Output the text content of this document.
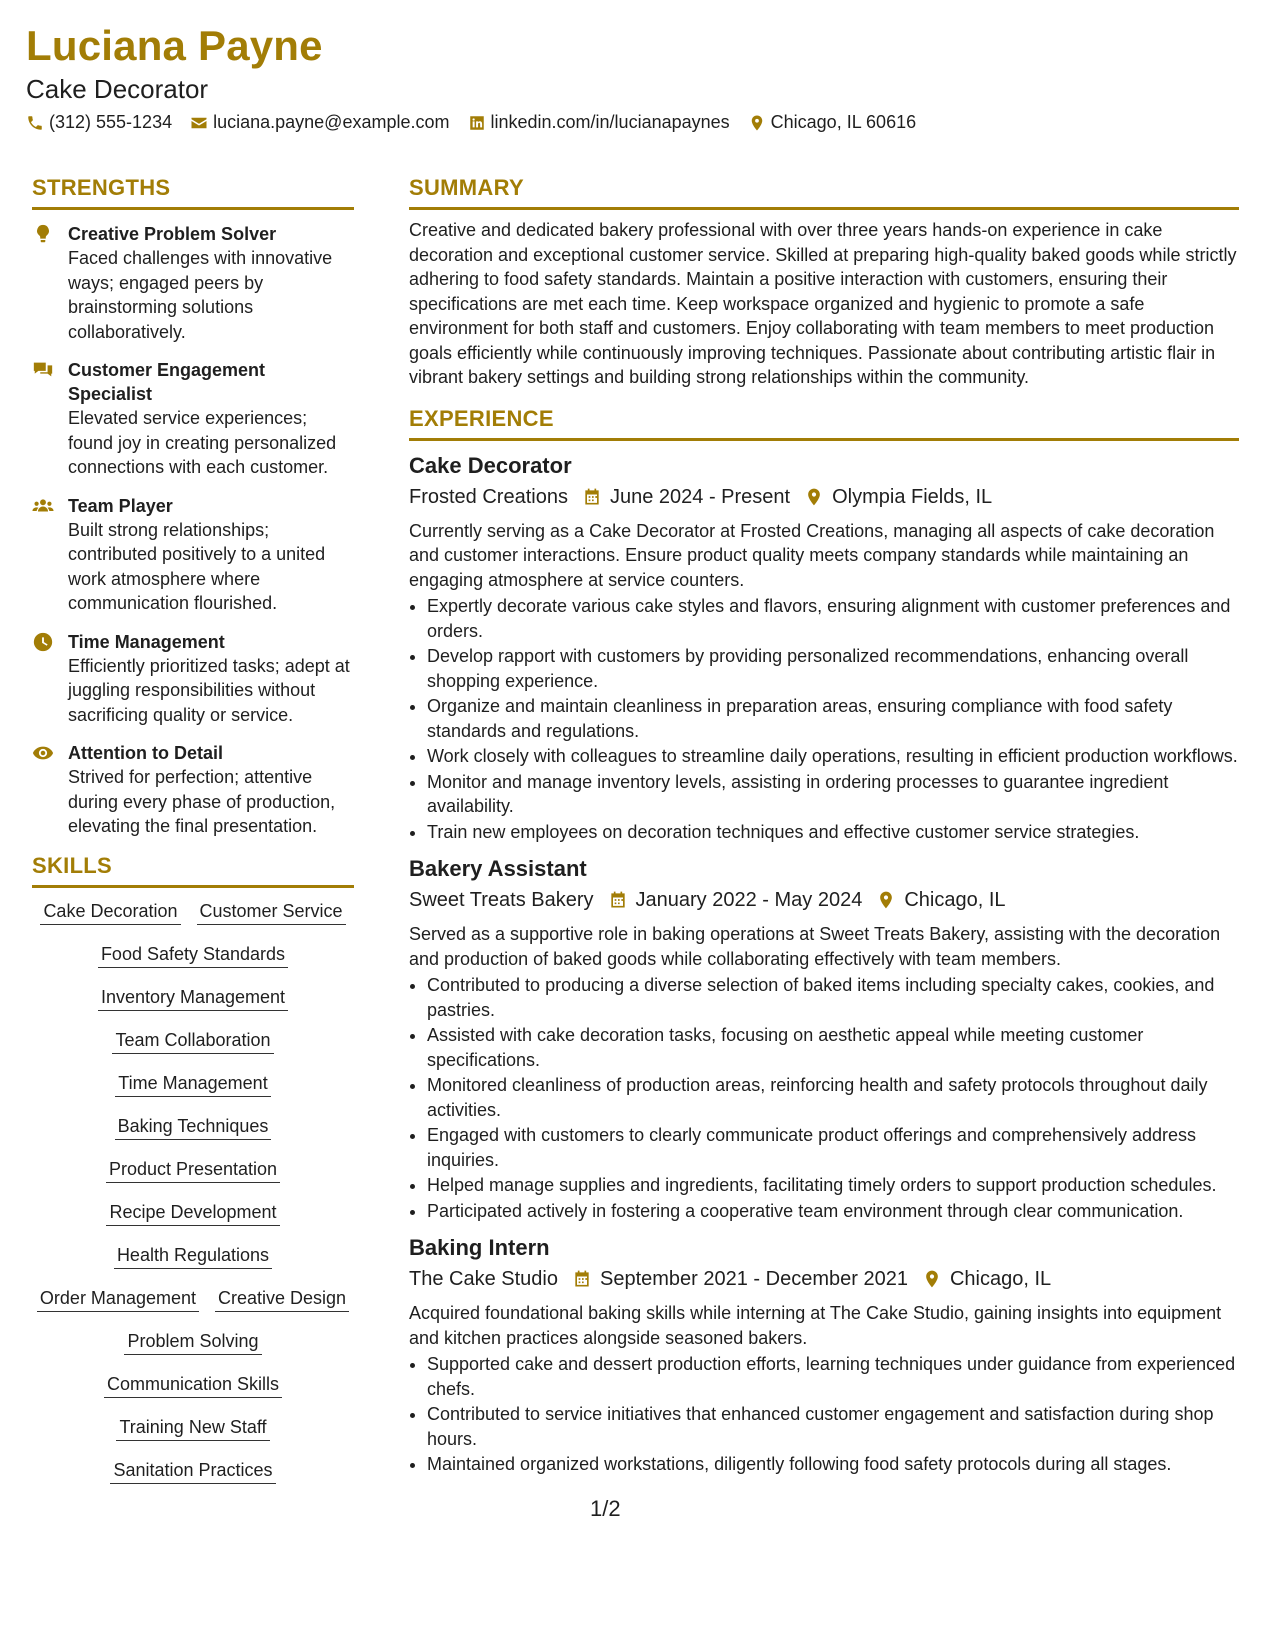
Luciana Payne
Cake Decorator
(312) 555-1234 luciana.payne@example.com linkedin.com/in/lucianapaynes Chicago, IL 60616
STRENGTHS
Creative Problem Solver
Faced challenges with innovative ways; engaged peers by brainstorming solutions collaboratively.
Customer Engagement Specialist
Elevated service experiences; found joy in creating personalized connections with each customer.
Team Player
Built strong relationships; contributed positively to a united work atmosphere where communication flourished.
Time Management
Efficiently prioritized tasks; adept at juggling responsibilities without sacrificing quality or service.
Attention to Detail
Strived for perfection; attentive during every phase of production, elevating the final presentation.
SKILLS
Cake Decoration Customer Service
Food Safety Standards
Inventory Management
Team Collaboration
Time Management
Baking Techniques
Product Presentation
Recipe Development
Health Regulations
Order Management Creative Design
Problem Solving
Communication Skills
Training New Staff
Sanitation Practices
SUMMARY
Creative and dedicated bakery professional with over three years hands-on experience in cake decoration and exceptional customer service. Skilled at preparing high-quality baked goods while strictly adhering to food safety standards. Maintain a positive interaction with customers, ensuring their specifications are met each time. Keep workspace organized and hygienic to promote a safe environment for both staff and customers. Enjoy collaborating with team members to meet production goals efficiently while continuously improving techniques. Passionate about contributing artistic flair in vibrant bakery settings and building strong relationships within the community.
EXPERIENCE
Cake Decorator
Frosted Creations June 2024 - Present Olympia Fields, IL
Currently serving as a Cake Decorator at Frosted Creations, managing all aspects of cake decoration and customer interactions. Ensure product quality meets company standards while maintaining an engaging atmosphere at service counters.
• Expertly decorate various cake styles and flavors, ensuring alignment with customer preferences and orders.
• Develop rapport with customers by providing personalized recommendations, enhancing overall shopping experience.
• Organize and maintain cleanliness in preparation areas, ensuring compliance with food safety standards and regulations.
• Work closely with colleagues to streamline daily operations, resulting in efficient production workflows.
• Monitor and manage inventory levels, assisting in ordering processes to guarantee ingredient availability.
• Train new employees on decoration techniques and effective customer service strategies.
Bakery Assistant
Sweet Treats Bakery January 2022 - May 2024 Chicago, IL
Served as a supportive role in baking operations at Sweet Treats Bakery, assisting with the decoration and production of baked goods while collaborating effectively with team members.
• Contributed to producing a diverse selection of baked items including specialty cakes, cookies, and pastries.
• Assisted with cake decoration tasks, focusing on aesthetic appeal while meeting customer specifications.
• Monitored cleanliness of production areas, reinforcing health and safety protocols throughout daily activities.
• Engaged with customers to clearly communicate product offerings and comprehensively address inquiries.
• Helped manage supplies and ingredients, facilitating timely orders to support production schedules.
• Participated actively in fostering a cooperative team environment through clear communication.
Baking Intern
The Cake Studio September 2021 - December 2021 Chicago, IL
Acquired foundational baking skills while interning at The Cake Studio, gaining insights into equipment and kitchen practices alongside seasoned bakers.
• Supported cake and dessert production efforts, learning techniques under guidance from experienced chefs.
• Contributed to service initiatives that enhanced customer engagement and satisfaction during shop hours.
• Maintained organized workstations, diligently following food safety protocols during all stages.
1/2
